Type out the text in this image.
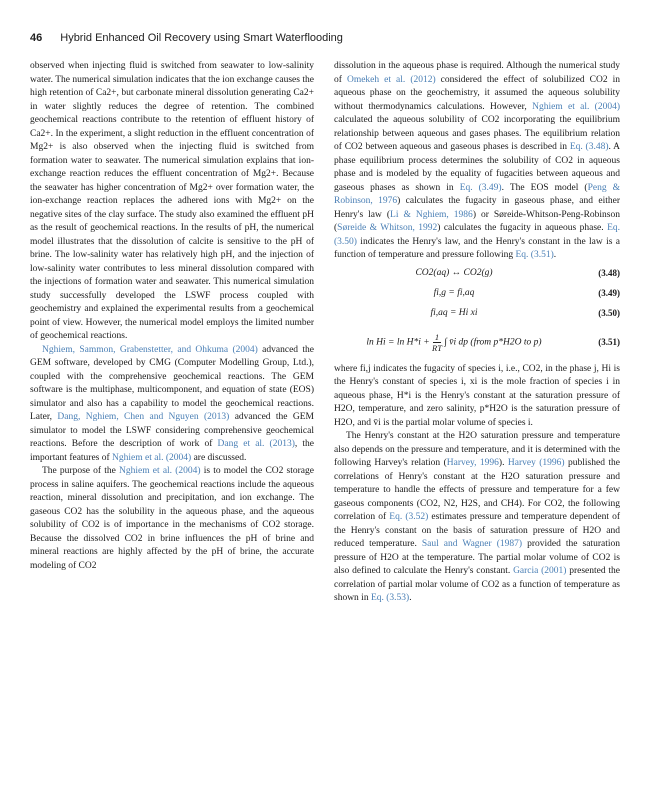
46 Hybrid Enhanced Oil Recovery using Smart Waterflooding

observed when injecting fluid is switched from seawater to low-salinity water. The numerical simulation indicates that the ion exchange causes the high retention of Ca2+, but carbonate mineral dissolution generating Ca2+ in water slightly reduces the degree of retention. The combined geochemical reactions contribute to the retention of effluent history of Ca2+. In the experiment, a slight reduction in the effluent concentration of Mg2+ is also observed when the injecting fluid is switched from formation water to seawater. The numerical simulation explains that ion-exchange reaction reduces the effluent concentration of Mg2+. Because the seawater has higher concentration of Mg2+ over formation water, the ion-exchange reaction replaces the adhered ions with Mg2+ on the negative sites of the clay surface. The study also examined the effluent pH as the result of geochemical reactions. In the results of pH, the numerical model illustrates that the dissolution of calcite is sensitive to the pH of brine. The low-salinity water has relatively high pH, and the injection of low-salinity water contributes to less mineral dissolution compared with the injections of formation water and seawater. This numerical simulation study successfully developed the LSWF process coupled with geochemistry and explained the experimental results from a geochemical point of view. However, the numerical model employs the limited number of geochemical reactions.

Nghiem, Sammon, Grabenstetter, and Ohkuma (2004) advanced the GEM software, developed by CMG (Computer Modelling Group, Ltd.), coupled with the comprehensive geochemical reactions. The GEM software is the multiphase, multicomponent, and equation of state (EOS) simulator and also has a capability to model the geochemical reactions. Later, Dang, Nghiem, Chen and Nguyen (2013) advanced the GEM simulator to model the LSWF considering comprehensive geochemical reactions. Before the description of work of Dang et al. (2013), the important features of Nghiem et al. (2004) are discussed.

The purpose of the Nghiem et al. (2004) is to model the CO2 storage process in saline aquifers. The geochemical reactions include the aqueous reaction, mineral dissolution and precipitation, and ion exchange. The gaseous CO2 has the solubility in the aqueous phase, and the aqueous solubility of CO2 is of importance in the mechanisms of CO2 storage. Because the dissolved CO2 in brine influences the pH of brine and mineral reactions are highly affected by the pH of brine, the accurate modeling of CO2

dissolution in the aqueous phase is required. Although the numerical study of Omekeh et al. (2012) considered the effect of solubilized CO2 in aqueous phase on the geochemistry, it assumed the aqueous solubility without thermodynamics calculations. However, Nghiem et al. (2004) calculated the aqueous solubility of CO2 incorporating the equilibrium relationship between aqueous and gases phases. The equilibrium relation of CO2 between aqueous and gaseous phases is described in Eq. (3.48). A phase equilibrium process determines the solubility of CO2 in aqueous phase and is modeled by the equality of fugacities between aqueous and gaseous phases as shown in Eq. (3.49). The EOS model (Peng & Robinson, 1976) calculates the fugacity in gaseous phase, and either Henry's law (Li & Nghiem, 1986) or Søreide-Whitson-Peng-Robinson (Søreide & Whitson, 1992) calculates the fugacity in aqueous phase. Eq. (3.50) indicates the Henry's law, and the Henry's constant in the law is a function of temperature and pressure following Eq. (3.51).

CO2(aq) ↔ CO2(g)	(3.48)
fi,g = fi,aq	(3.49)
fi,aq = Hi xi	(3.50)
$\ln Hi = \ln H*i + \frac{1}{RT}$ ∫ v̄i dp (from p*H2O to p)	(3.51)

where fi,j indicates the fugacity of species i, i.e., CO2, in the phase j, Hi is the Henry's constant of species i, xi is the mole fraction of species i in aqueous phase, H*i is the Henry's constant at the saturation pressure of H2O, temperature, and zero salinity, p*H2O is the saturation pressure of H2O, and v̄i is the partial molar volume of species i.

The Henry's constant at the H2O saturation pressure and temperature also depends on the pressure and temperature, and it is determined with the following Harvey's relation (Harvey, 1996). Harvey (1996) published the correlations of Henry's constant at the H2O saturation pressure and temperature to handle the effects of pressure and temperature for a few gaseous components (CO2, N2, H2S, and CH4). For CO2, the following correlation of Eq. (3.52) estimates pressure and temperature dependent of the Henry's constant on the basis of saturation pressure of H2O and reduced temperature. Saul and Wagner (1987) provided the saturation pressure of H2O at the temperature. The partial molar volume of CO2 is also defined to calculate the Henry's constant. Garcia (2001) presented the correlation of partial molar volume of CO2 as a function of temperature as shown in Eq. (3.53).
